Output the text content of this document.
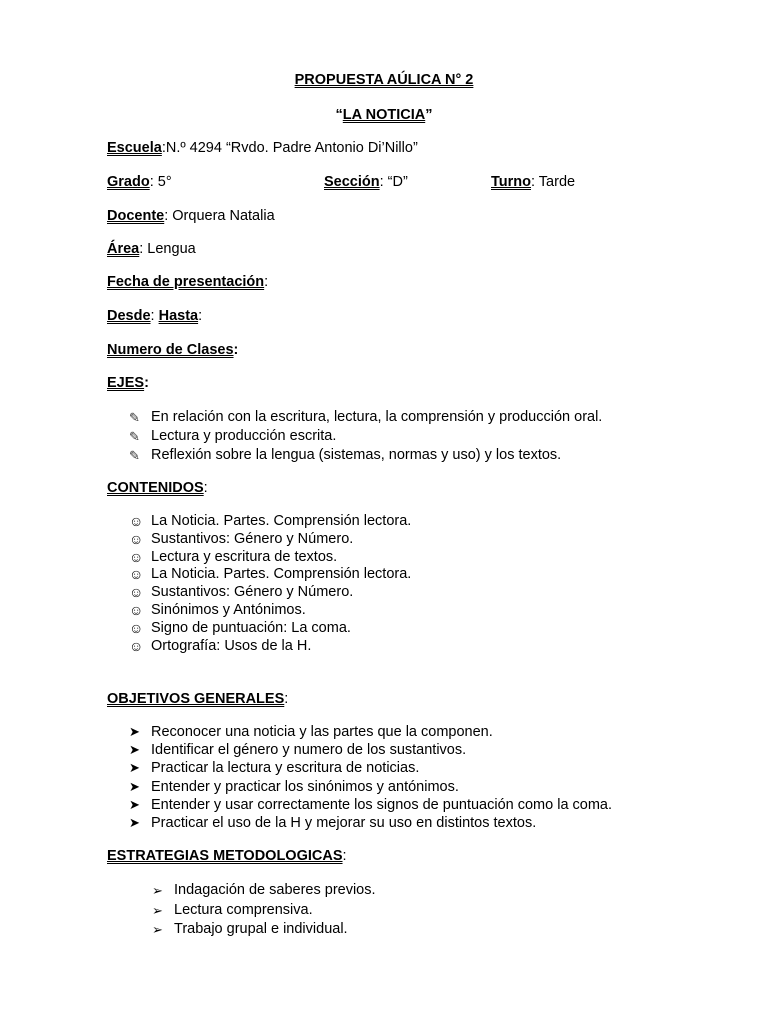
PROPUESTA AÚLICA N° 2
“LA NOTICIA”
Escuela:N.º 4294 “Rvdo. Padre Antonio Di’Nillo”
Grado: 5°	Sección: “D”	Turno: Tarde
Docente: Orquera Natalia
Área: Lengua
Fecha de presentación:
Desde: Hasta:
Numero de Clases:
EJES:
✎ En relación con la escritura, lectura, la comprensión y producción oral.
✎ Lectura y producción escrita.
✎ Reflexión sobre la lengua (sistemas, normas y uso) y los textos.
CONTENIDOS:
☺ La Noticia. Partes. Comprensión lectora.
☺ Sustantivos: Género y Número.
☺ Lectura y escritura de textos.
☺ La Noticia. Partes. Comprensión lectora.
☺ Sustantivos: Género y Número.
☺ Sinónimos y Antónimos.
☺ Signo de puntuación: La coma.
☺ Ortografía: Usos de la H.
OBJETIVOS GENERALES:
➤ Reconocer una noticia y las partes que la componen.
➤ Identificar el género y numero de los sustantivos.
➤ Practicar la lectura y escritura de noticias.
➤ Entender y practicar los sinónimos y antónimos.
➤ Entender y usar correctamente los signos de puntuación como la coma.
➤ Practicar el uso de la H y mejorar su uso en distintos textos.
ESTRATEGIAS METODOLOGICAS:
➢ Indagación de saberes previos.
➢ Lectura comprensiva.
➢ Trabajo grupal e individual.
